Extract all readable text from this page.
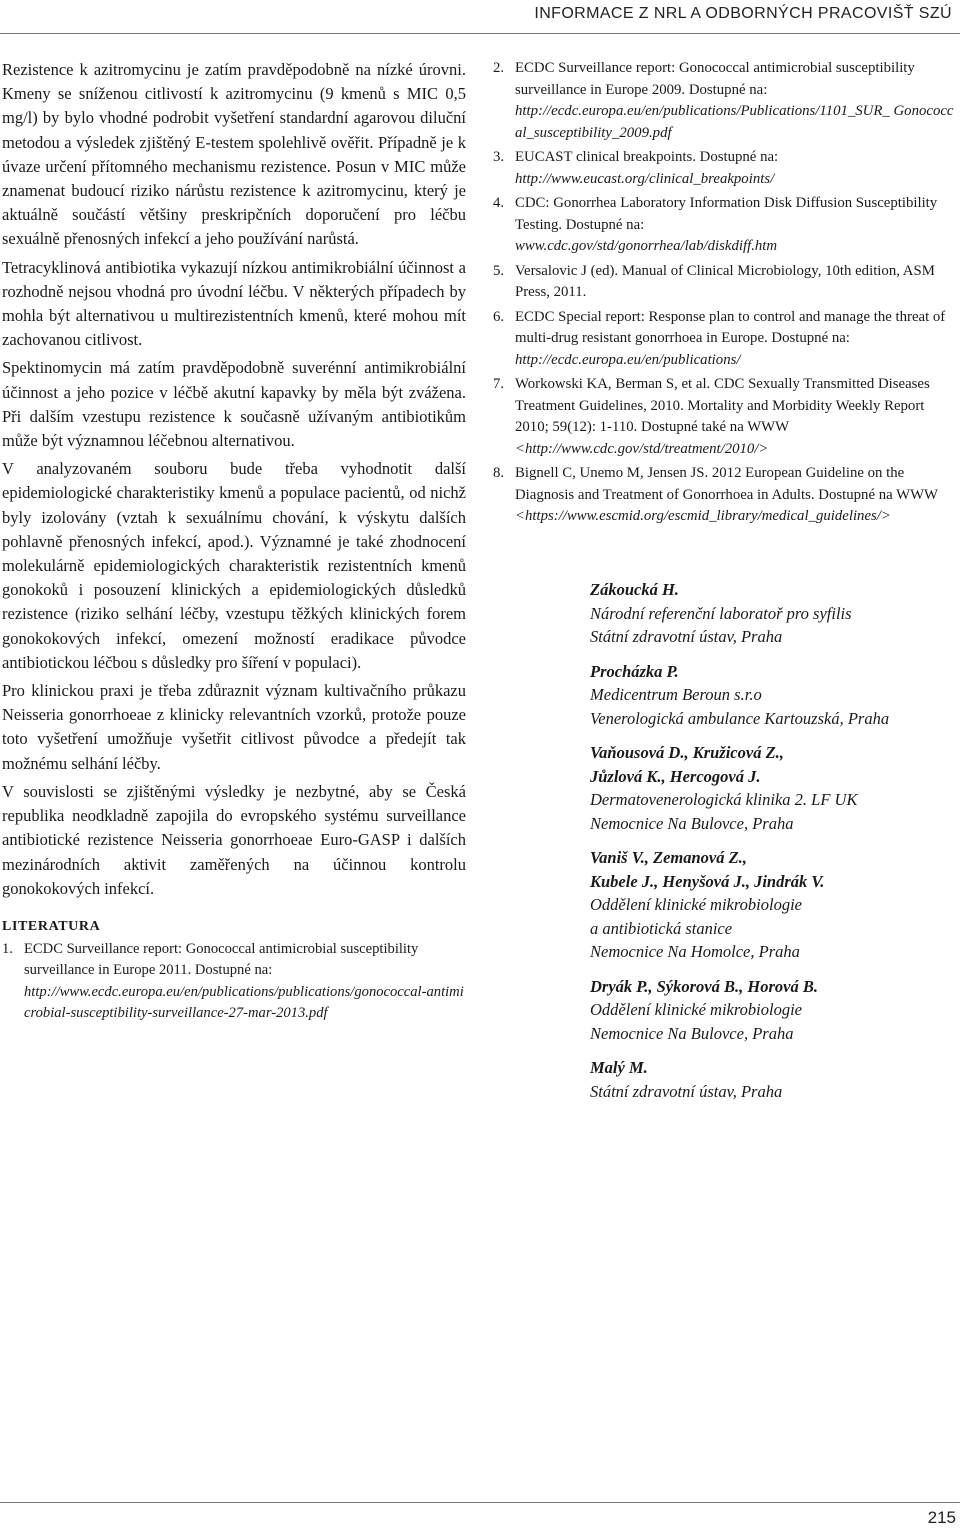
INFORMACE Z NRL A ODBORNÝCH PRACOVIŠŤ SZÚ

Rezistence k azitromycinu je zatím pravděpodobně na nízké úrovni. Kmeny se sníženou citlivostí k azitromycinu (9 kmenů s MIC 0,5 mg/l) by bylo vhodné podrobit vyšetření standardní agarovou diluční metodou a výsledek zjištěný E-testem spolehlivě ověřit. Případně je k úvaze určení přítomného mechanismu rezistence. Posun v MIC může znamenat budoucí riziko nárůstu rezistence k azitromycinu, který je aktuálně součástí většiny preskripčních doporučení pro léčbu sexuálně přenosných infekcí a jeho používání narůstá.

Tetracyklinová antibiotika vykazují nízkou antimikrobiální účinnost a rozhodně nejsou vhodná pro úvodní léčbu. V některých případech by mohla být alternativou u multirezistentních kmenů, které mohou mít zachovanou citlivost.

Spektinomycin má zatím pravděpodobně suverénní antimikrobiální účinnost a jeho pozice v léčbě akutní kapavky by měla být zvážena. Při dalším vzestupu rezistence k současně užívaným antibiotikům může být významnou léčebnou alternativou.

V analyzovaném souboru bude třeba vyhodnotit další epidemiologické charakteristiky kmenů a populace pacientů, od nichž byly izolovány (vztah k sexuálnímu chování, k výskytu dalších pohlavně přenosných infekcí, apod.). Významné je také zhodnocení molekulárně epidemiologických charakteristik rezistentních kmenů gonokoků i posouzení klinických a epidemiologických důsledků rezistence (riziko selhání léčby, vzestupu těžkých klinických forem gonokokových infekcí, omezení možností eradikace původce antibiotickou léčbou s důsledky pro šíření v populaci).

Pro klinickou praxi je třeba zdůraznit význam kultivačního průkazu Neisseria gonorrhoeae z klinicky relevantních vzorků, protože pouze toto vyšetření umožňuje vyšetřit citlivost původce a předejít tak možnému selhání léčby.

V souvislosti se zjištěnými výsledky je nezbytné, aby se Česká republika neodkladně zapojila do evropského systému surveillance antibiotické rezistence Neisseria gonorrhoeae Euro-GASP i dalších mezinárodních aktivit zaměřených na účinnou kontrolu gonokokových infekcí.

LITERATURA
1. ECDC Surveillance report: Gonococcal antimicrobial susceptibility surveillance in Europe 2011. Dostupné na:
http://www.ecdc.europa.eu/en/publications/publications/gonococcal-antimicrobial-susceptibility-surveillance-27-mar-2013.pdf
2. ECDC Surveillance report: Gonococcal antimicrobial susceptibility surveillance in Europe 2009. Dostupné na:
http://ecdc.europa.eu/en/publications/Publications/1101_SUR_ Gonococcal_susceptibility_2009.pdf
3. EUCAST clinical breakpoints. Dostupné na:
http://www.eucast.org/clinical_breakpoints/
4. CDC: Gonorrhea Laboratory Information Disk Diffusion Susceptibility Testing. Dostupné na:
www.cdc.gov/std/gonorrhea/lab/diskdiff.htm
5. Versalovic J (ed). Manual of Clinical Microbiology, 10th edition, ASM Press, 2011.
6. ECDC Special report: Response plan to control and manage the threat of multi-drug resistant gonorrhoea in Europe. Dostupné na:
http://ecdc.europa.eu/en/publications/
7. Workowski KA, Berman S, et al. CDC Sexually Transmitted Diseases Treatment Guidelines, 2010. Mortality and Morbidity Weekly Report 2010; 59(12): 1-110. Dostupné také na WWW
<http://www.cdc.gov/std/treatment/2010/>
8. Bignell C, Unemo M, Jensen JS. 2012 European Guideline on the Diagnosis and Treatment of Gonorrhoea in Adults. Dostupné na WWW
<https://www.escmid.org/escmid_library/medical_guidelines/>
Zákoucká H.
Národní referenční laboratoř pro syfilis
Státní zdravotní ústav, Praha
Procházka P.
Medicentrum Beroun s.r.o
Venerologická ambulance Kartouzská, Praha
Vaňousová D., Kružicová Z.,
Jůzlová K., Hercogová J.
Dermatovenerologická klinika 2. LF UK
Nemocnice Na Bulovce, Praha
Vaniš V., Zemanová Z.,
Kubele J., Henyšová J., Jindrák V.
Oddělení klinické mikrobiologie
a antibiotická stanice
Nemocnice Na Homolce, Praha
Dryák P., Sýkorová B., Horová B.
Oddělení klinické mikrobiologie
Nemocnice Na Bulovce, Praha
Malý M.
Státní zdravotní ústav, Praha
215
